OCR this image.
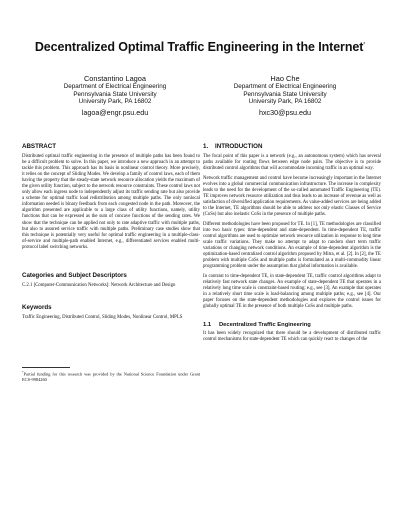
Decentralized Optimal Traffic Engineering in the Internet*
Constantino Lagoa
Department of Electrical Engineering
Pennsylvania State University
University Park, PA 16802
lagoa@engr.psu.edu
Hao Che
Department of Electrical Engineering
Pennsylvania State University
University Park, PA 16802
hxc30@psu.edu
ABSTRACT

Distributed optimal traffic engineering in the presence of multiple paths has been found to be a difficult problem to solve. In this paper, we introduce a new approach in an attempt to tackle this problem. This approach has its basis in nonlinear control theory. More precisely, it relies on the concept of Sliding Modes. We develop a family of control laws, each of them having the property that the steady-state network resource allocation yields the maximum of the given utility function, subject to the network resource constraints. These control laws not only allow each ingress node to independently adjust its traffic sending rate but also provide a scheme for optimal traffic load redistribution among multiple paths. The only nonlocal information needed is binary feedback from each congested node in the path. Moreover, the algorithm presented are applicable to a large class of utility functions, namely, utility functions that can be expressed as the sum of concave functions of the sending rates. We show that the technique can be applied not only to rate adaptive traffic with multiple paths, but also to assured service traffic with multiple paths. Preliminary case studies show that this technique is potentially very useful for optimal traffic engineering in a multiple-class-of-service and multiple-path enabled Internet, e.g., differentiated services enabled multi-protocol label switching networks.

Categories and Subject Descriptors

C.2.1 [Computer-Communication Networks]: Network Architecture and Design

Keywords

Traffic Engineering, Distributed Control, Sliding Modes, Nonlinear Control, MPLS

*Partial funding for this research was provided by the National Science Foundation under Grant ECS-9984260
1. INTRODUCTION

The focal point of this paper is a network (e.g., an autonomous system) which has several paths available for routing flows between edge node pairs. The objective is to provide distributed control algorithms that will accommodate incoming traffic in an optimal way.

Network traffic management and control have become increasingly important in the Internet evolves into a global commercial communication infrastructure. The increase in complexity leads to the need for the development of the so-called automated Traffic Engineering (TE). TE improves network resource utilization and thus leads to an increase of revenue as well as satisfaction of diversified application requirements. As value-added services are being added to the Internet, TE algorithms should be able to address not only elastic Classes of Service (CoSs) but also inelastic CoSs in the presence of multiple paths.

Different methodologies have been proposed for TE. In [1], TE methodologies are classified into two basic types: time-dependent and state-dependent. In time-dependent TE, traffic control algorithms are used to optimize network resource utilization in response to long time scale traffic variations. They make no attempt to adapt to random short term traffic variations or changing network conditions. An example of time-dependent algorithm is the optimization-based centralized control algorithm proposed by Mitra, et al. [2]. In [2], the TE problem with multiple CoSs and multiple paths is formulated as a multi-commodity linear programming problem under the assumption that global information is available.

In contrast to time-dependent TE, in state-dependent TE, traffic control algorithms adapt to relatively fast network state changes. An example of state-dependent TE that operates in a relatively long time scale is constraint-based routing; e.g., see [3]. An example that operates in a relatively short time scale is load-balancing among multiple paths; e.g., see [4]. Our paper focuses on the state-dependent methodologies and explores the control issues for globally optimal TE in the presence of both multiple CoSs and multiple paths.

1.1 Decentralized Traffic Engineering

It has been widely recognized that there should be a development of distributed traffic control mechanisms for state-dependent TE which can quickly react to changes of the
